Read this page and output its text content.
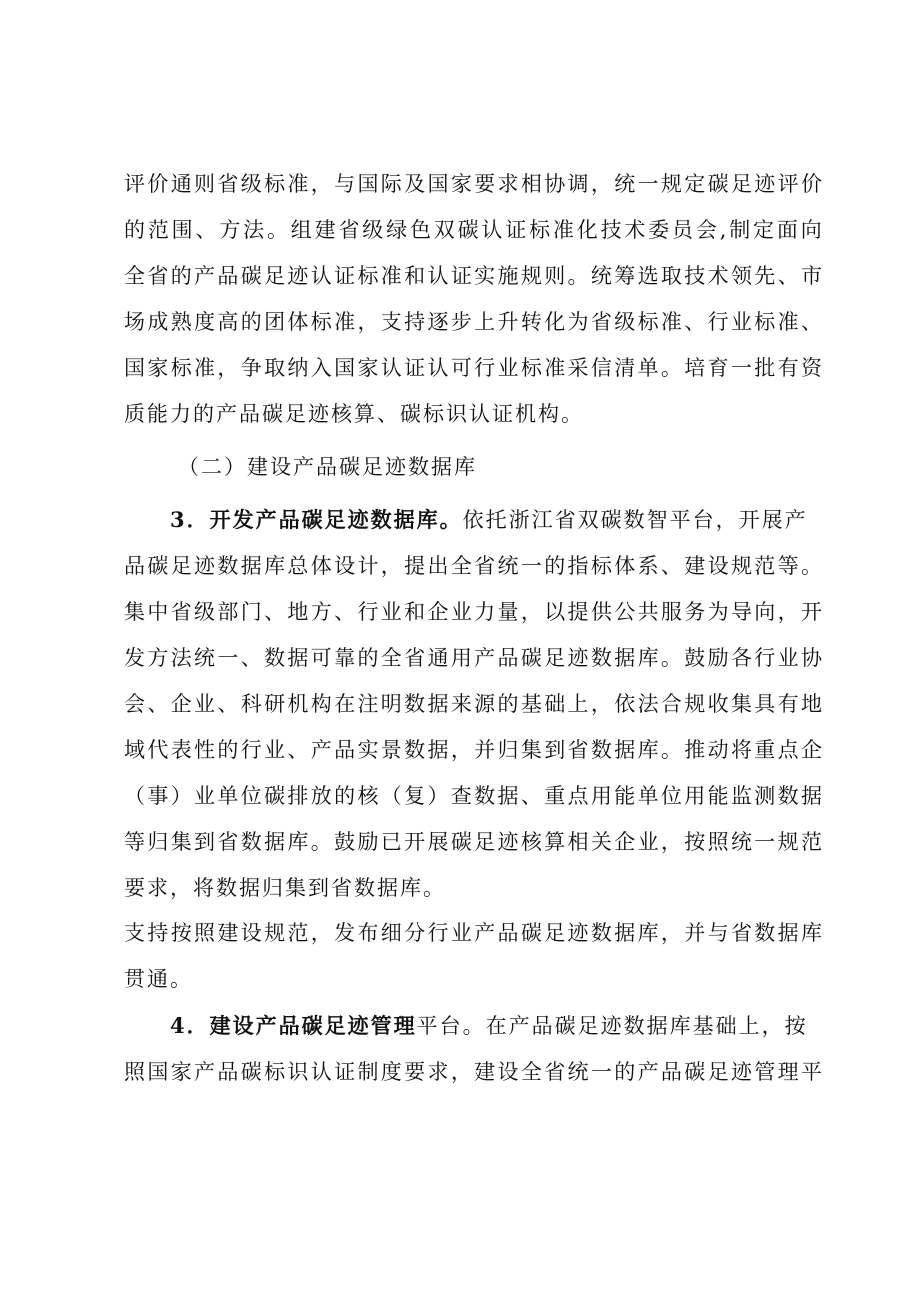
评 价 通 则 省 级 标 准 ， 与 国 际 及 国 家 要 求 相 协 调 ， 统 一 规 定 碳 足 迹 评 价
的 范 围 、 方 法 。 组 建 省 级 绿 色 双 碳 认 证 标 准 化 技 术 委 员 会 , 制 定 面 向
全 省 的 产 品 碳 足 迹 认 证 标 准 和 认 证 实 施 规 则 。 统 筹 选 取 技 术 领 先 、 市
场 成 熟 度 高 的 团 体 标 准 ， 支 持 逐 步 上 升 转 化 为 省 级 标 准 、 行 业 标 准 、
国 家 标 准 ， 争 取 纳 入 国 家 认 证 认 可 行 业 标 准 采 信 清 单 。 培 育 一 批 有 资
质能力的产品碳足迹核算、碳标识认证机构。
（二）建设产品碳足迹数据库
3．开发产品碳足迹数据库。依托浙江省双碳数智平台，开展产
品 碳 足 迹 数 据 库 总 体 设 计 ， 提 出 全 省 统 一 的 指 标 体 系 、 建 设 规 范 等 。
集 中 省 级 部 门 、 地 方 、 行 业 和 企 业 力 量 ， 以 提 供 公 共 服 务 为 导 向 ， 开
发 方 法 统 一 、 数 据 可 靠 的 全 省 通 用 产 品 碳 足 迹 数 据 库 。 鼓 励 各 行 业 协
会 、 企 业 、 科 研 机 构 在 注 明 数 据 来 源 的 基 础 上 ， 依 法 合 规 收 集 具 有 地
域 代 表 性 的 行 业 、 产 品 实 景 数 据 ， 并 归 集 到 省 数 据 库 。 推 动 将 重 点 企
（ 事 ） 业 单 位 碳 排 放 的 核 （ 复 ） 查 数 据 、 重 点 用 能 单 位 用 能 监 测 数 据
等 归 集 到 省 数 据 库 。 鼓 励 已 开 展 碳 足 迹 核 算 相 关 企 业 ， 按 照 统 一 规 范
要求，将数据归集到省数据库。
支 持 按 照 建 设 规 范 ， 发 布 细 分 行 业 产 品 碳 足 迹 数 据 库 ， 并 与 省 数 据 库
贯通。
4．建设产品碳足迹管理平台。在产品碳足迹数据库基础上，按
照 国 家 产 品 碳 标 识 认 证 制 度 要 求 ， 建 设 全 省 统 一 的 产 品 碳 足 迹 管 理 平
